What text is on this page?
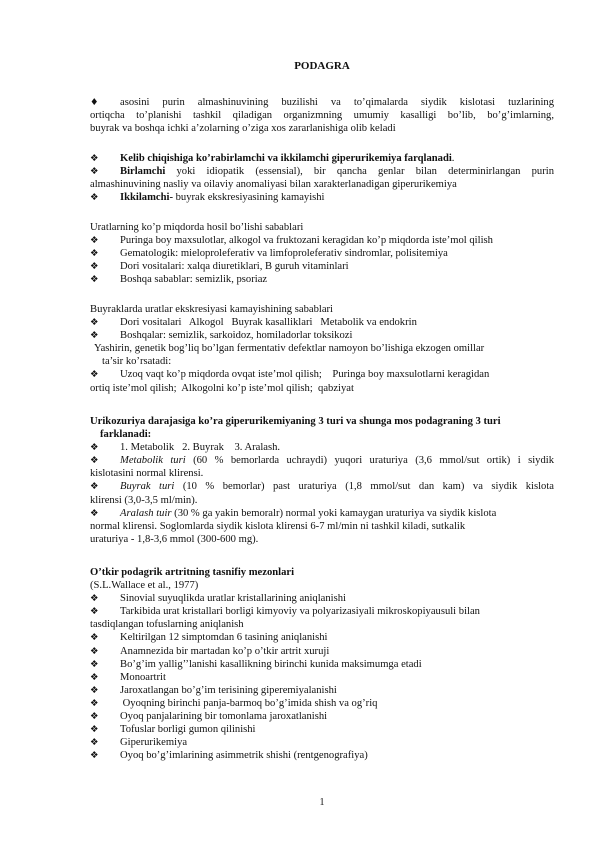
PODAGRA
♦	asosini purin almashinuvining buzilishi va to’qimalarda siydik kislotasi tuzlarining
ortiqcha to’planishi tashkil qiladigan organizmning umumiy kasalligi bo’lib, bo’g’imlarning,
buyrak va boshqa ichki a’zolarning o’ziga xos zararlanishiga olib keladi
❖	Kelib chiqishiga ko’rabirlamchi va ikkilamchi giperurikemiya farqlanadi.
❖	Birlamchi yoki idiopatik (essensial), bir qancha genlar bilan determinirlangan purin
almashinuvining nasliy va oilaviy anomaliyasi bilan xarakterlanadigan giperurikemiya
❖	Ikkilamchi- buyrak ekskresiyasining kamayishi
Uratlarning ko’p miqdorda hosil bo’lishi sabablari
❖	Puringa boy maxsulotlar, alkogol va fruktozani keragidan ko’p miqdorda iste’mol qilish
❖	Gematologik: mieloproleferativ va limfoproleferativ sindromlar, polisitemiya
❖	Dori vositalari: xalqa diuretiklari, B guruh vitaminlari
❖	Boshqa sabablar: semizlik, psoriaz
Buyraklarda uratlar ekskresiyasi kamayishining sabablari
❖	Dori vositalari   Alkogol   Buyrak kasalliklari   Metabolik va endokrin
❖	Boshqalar: semizlik, sarkoidoz, homiladorlar toksikozi
Yashirin, genetik bog’liq bo’lgan fermentativ defektlar namoyon bo’lishiga ekzogen omillar
ta’sir ko’rsatadi:
❖	Uzoq vaqt ko’p miqdorda ovqat iste’mol qilish;    Puringa boy maxsulotlarni keragidan
ortiq iste’mol qilish;  Alkogolni ko’p iste’mol qilish;  qabziyat
Urikozuriya darajasiga ko’ra giperurikemiyaning 3 turi va shunga mos podagraning 3 turi
farklanadi:
❖	1. Metabolik   2. Buyrak    3. Aralash.
❖	Metabolik turi (60 % bemorlarda uchraydi) yuqori uraturiya (3,6 mmol/sut ortik) i siydik
kislotasini normal klirensi.
❖	Buyrak turi (10 % bemorlar) past uraturiya (1,8 mmol/sut dan kam) va siydik kislota
klirensi (3,0-3,5 ml/min).
❖	Aralash tuir (30 % ga yakin bemoralr) normal yoki kamaygan uraturiya va siydik kislota
normal klirensi. Soglomlarda siydik kislota klirensi 6-7 ml/min ni tashkil kiladi, sutkalik
uraturiya - 1,8-3,6 mmol (300-600 mg).
O’tkir podagrik artritning tasnifiy mezonlari
(S.L.Wallace et al., 1977)
❖	Sinovial suyuqlikda uratlar kristallarining aniqlanishi
❖	Tarkibida urat kristallari borligi kimyoviy va polyarizasiyali mikroskopiyausuli bilan
tasdiqlangan tofuslarning aniqlanish
❖	Keltirilgan 12 simptomdan 6 tasining aniqlanishi
❖	Anamnezida bir martadan ko’p o’tkir artrit xuruji
❖	Bo’g’im yallig’’lanishi kasallikning birinchi kunida maksimumga etadi
❖	Monoartrit
❖	Jaroxatlangan bo’g’im terisining giperemiyalanishi
❖	Oyoqning birinchi panja-barmoq bo’g’imida shish va og’riq
❖	Oyoq panjalarining bir tomonlama jaroxatlanishi
❖	Tofuslar borligi gumon qilinishi
❖	Giperurikemiya
❖	Oyoq bo’g’imlarining asimmetrik shishi (rentgenografiya)
1
